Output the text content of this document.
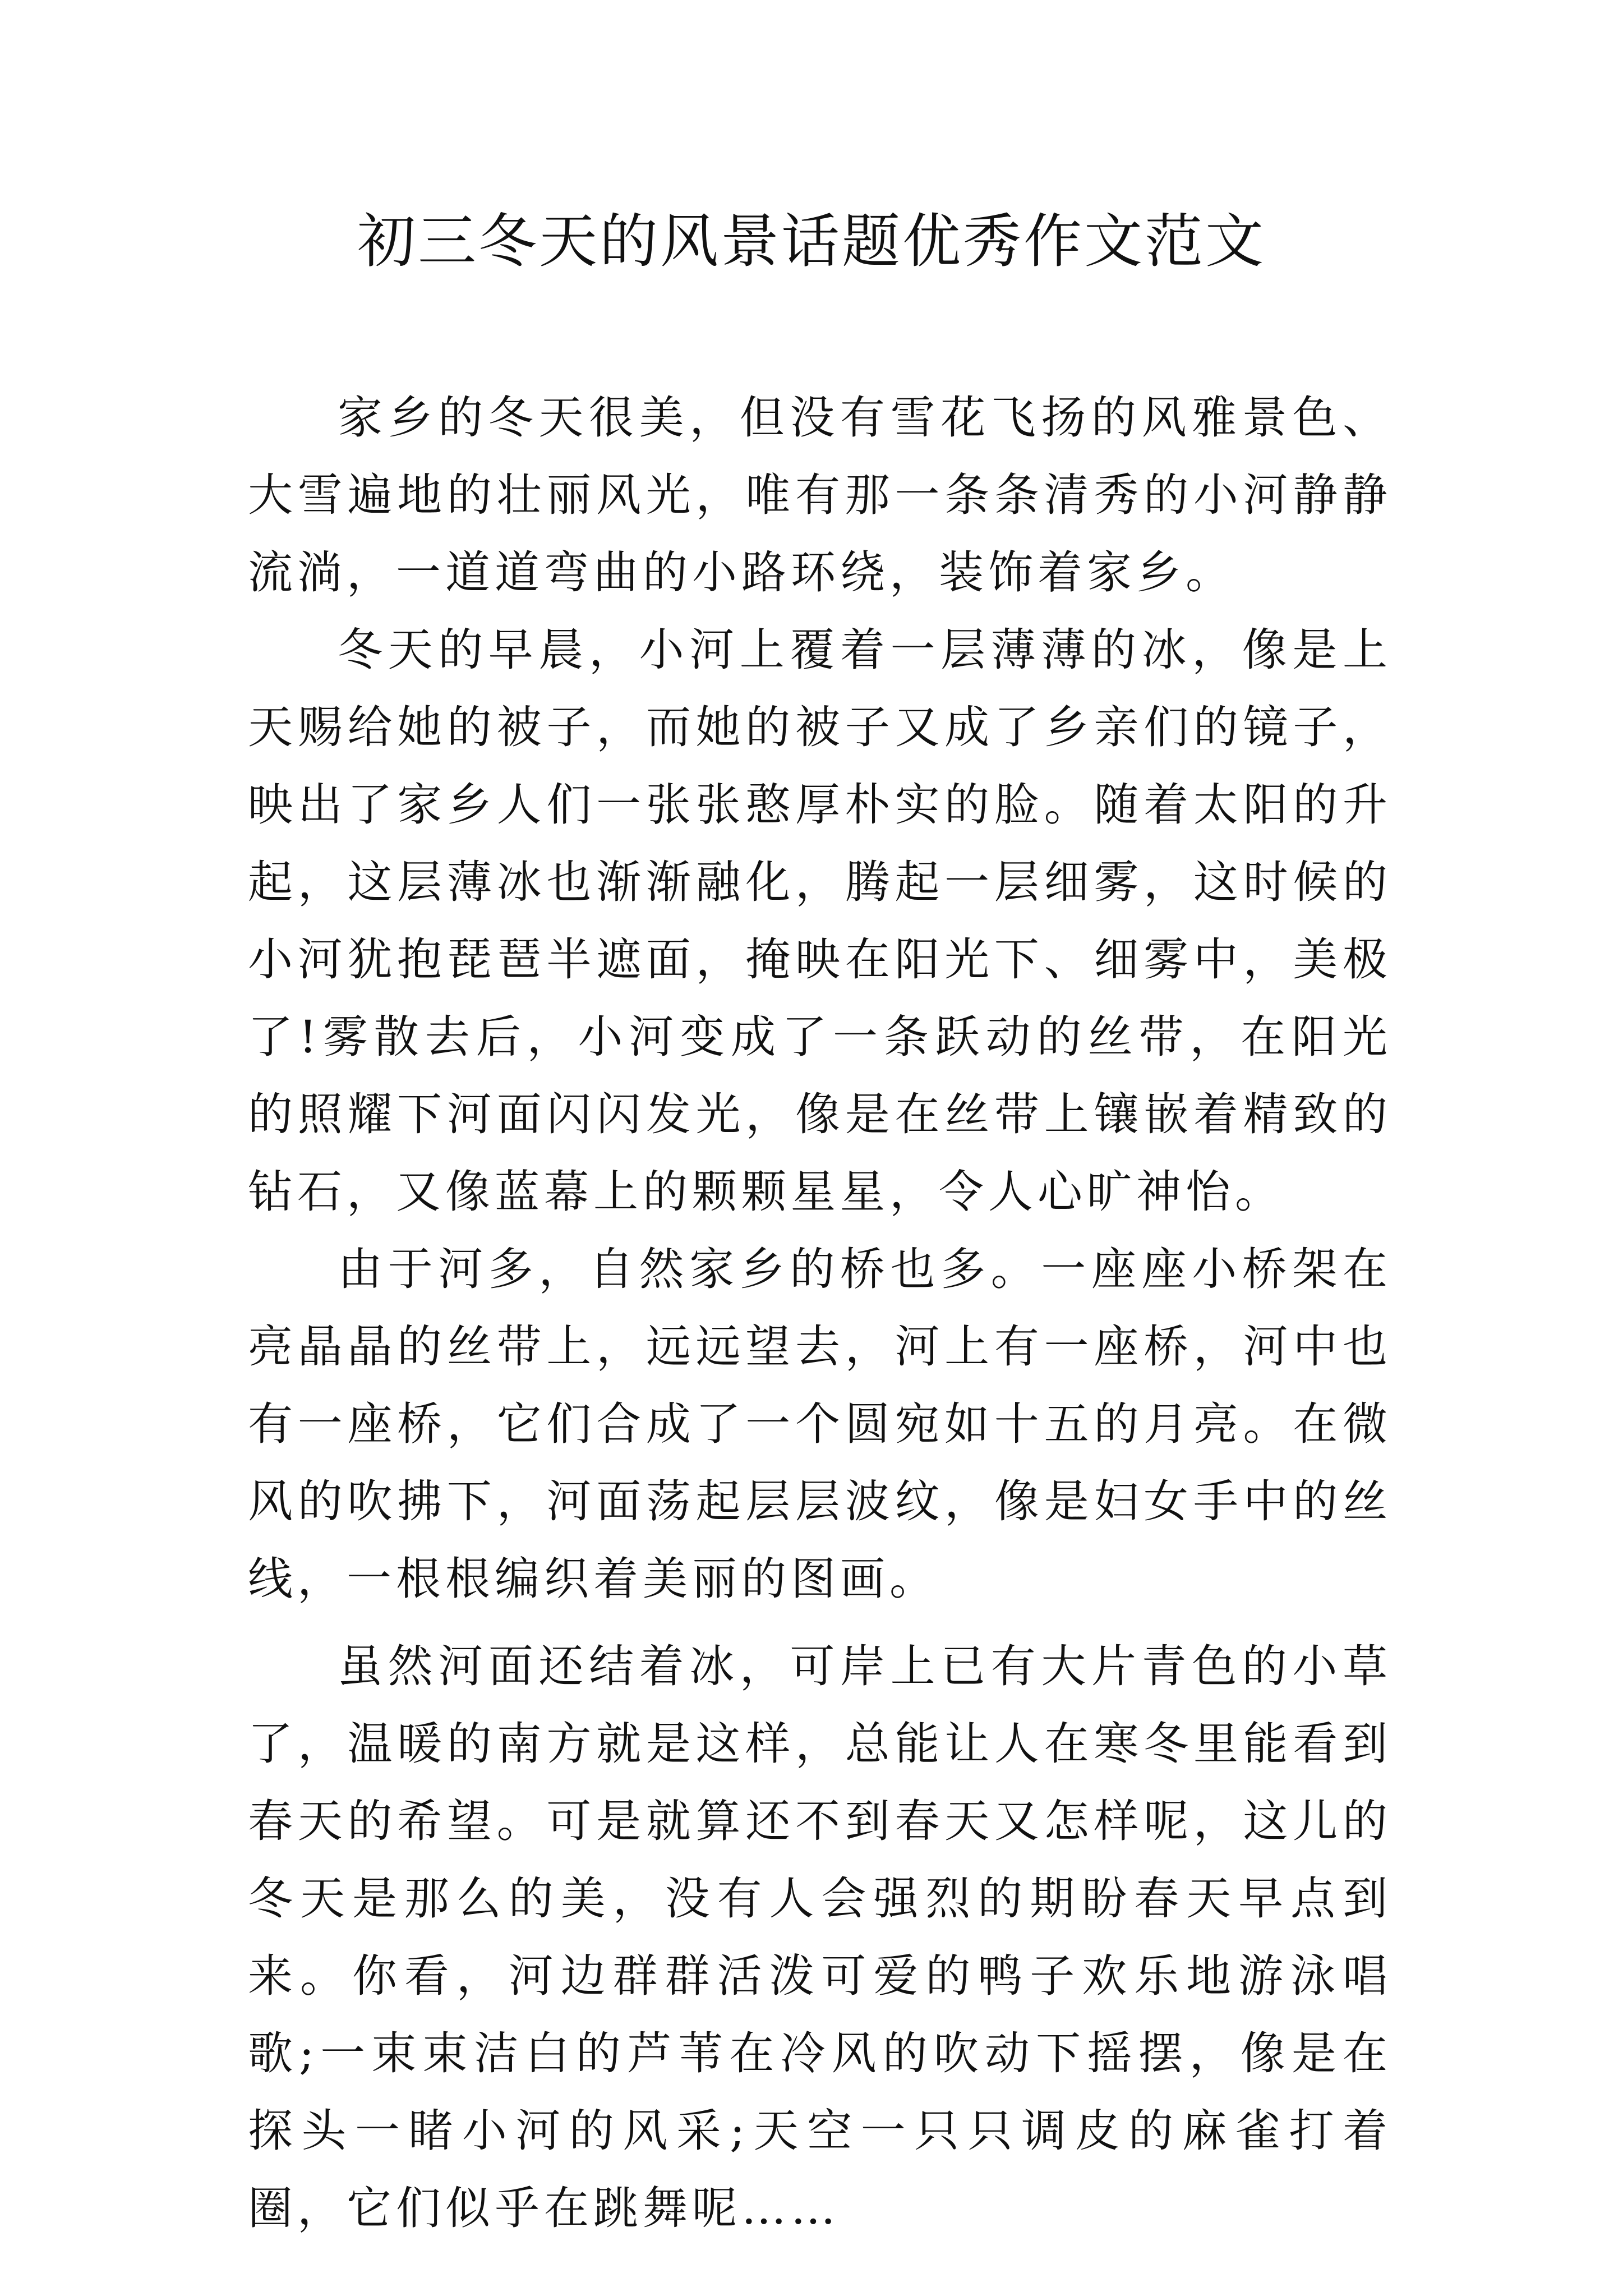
初三冬天的风景话题优秀作文范文

家乡的冬天很美，但没有雪花飞扬的风雅景色、大雪遍地的壮丽风光，唯有那一条条清秀的小河静静流淌，一道道弯曲的小路环绕，装饰着家乡。

冬天的早晨，小河上覆着一层薄薄的冰，像是上天赐给她的被子，而她的被子又成了乡亲们的镜子，映出了家乡人们一张张憨厚朴实的脸。随着太阳的升起，这层薄冰也渐渐融化，腾起一层细雾，这时候的小河犹抱琵琶半遮面，掩映在阳光下、细雾中，美极了!雾散去后，小河变成了一条跃动的丝带，在阳光的照耀下河面闪闪发光，像是在丝带上镶嵌着精致的钻石，又像蓝幕上的颗颗星星，令人心旷神怡。

由于河多，自然家乡的桥也多。一座座小桥架在亮晶晶的丝带上，远远望去，河上有一座桥，河中也有一座桥，它们合成了一个圆宛如十五的月亮。在微风的吹拂下，河面荡起层层波纹，像是妇女手中的丝线，一根根编织着美丽的图画。

虽然河面还结着冰，可岸上已有大片青色的小草了，温暖的南方就是这样，总能让人在寒冬里能看到春天的希望。可是就算还不到春天又怎样呢，这儿的冬天是那么的美，没有人会强烈的期盼春天早点到来。你看，河边群群活泼可爱的鸭子欢乐地游泳唱歌;一束束洁白的芦苇在冷风的吹动下摇摆，像是在探头一睹小河的风采;天空一只只调皮的麻雀打着圈，它们似乎在跳舞呢……
